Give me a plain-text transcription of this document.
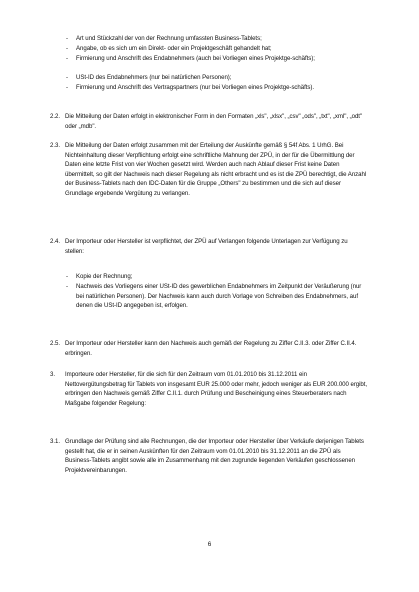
- Art und Stückzahl der von der Rechnung umfassten Business-Tablets;
- Angabe, ob es sich um ein Direkt- oder ein Projektgeschäft gehandelt hat;
- Firmierung und Anschrift des Endabnehmers (auch bei Vorliegen eines Projektge-schäfts);
- USt-ID des Endabnehmers (nur bei natürlichen Personen);
- Firmierung und Anschrift des Vertragspartners (nur bei Vorliegen eines Projektge-schäfts).
2.2. Die Mitteilung der Daten erfolgt in elektronischer Form in den Formaten „xls", „xlsx", „csv" „ods", „txt", „xml", „odt" oder „mdb".
2.3. Die Mitteilung der Daten erfolgt zusammen mit der Erteilung der Auskünfte gemäß § 54f Abs. 1 UrhG. Bei Nichteinhaltung dieser Verpflichtung erfolgt eine schriftliche Mahnung der ZPÜ, in der für die Übermittlung der Daten eine letzte Frist von vier Wochen gesetzt wird. Werden auch nach Ablauf dieser Frist keine Daten übermittelt, so gilt der Nachweis nach dieser Regelung als nicht erbracht und es ist die ZPÜ berechtigt, die Anzahl der Business-Tablets nach den IDC-Daten für die Gruppe „Others" zu bestimmen und die sich auf dieser Grundlage ergebende Vergütung zu verlangen.
2.4. Der Importeur oder Hersteller ist verpflichtet, der ZPÜ auf Verlangen folgende Unterlagen zur Verfügung zu stellen:
- Kopie der Rechnung;
- Nachweis des Vorliegens einer USt-ID des gewerblichen Endabnehmers im Zeitpunkt der Veräußerung (nur bei natürlichen Personen). Der Nachweis kann auch durch Vorlage von Schreiben des Endabnehmers, auf denen die USt-ID angegeben ist, erfolgen.
2.5. Der Importeur oder Hersteller kann den Nachweis auch gemäß der Regelung zu Ziffer C.II.3. oder Ziffer C.II.4. erbringen.
3. Importeure oder Hersteller, für die sich für den Zeitraum vom 01.01.2010 bis 31.12.2011 ein Nettovergütungsbetrag für Tablets von insgesamt EUR 25.000 oder mehr, jedoch weniger als EUR 200.000 ergibt, erbringen den Nachweis gemäß Ziffer C.II.1. durch Prüfung und Bescheinigung eines Steuerberaters nach Maßgabe folgender Regelung:
3.1. Grundlage der Prüfung sind alle Rechnungen, die der Importeur oder Hersteller über Verkäufe derjenigen Tablets gestellt hat, die er in seinen Auskünften für den Zeitraum vom 01.01.2010 bis 31.12.2011 an die ZPÜ als Business-Tablets angibt sowie alle im Zusammenhang mit den zugrunde liegenden Verkäufen geschlossenen Projektvereinbarungen.
6
